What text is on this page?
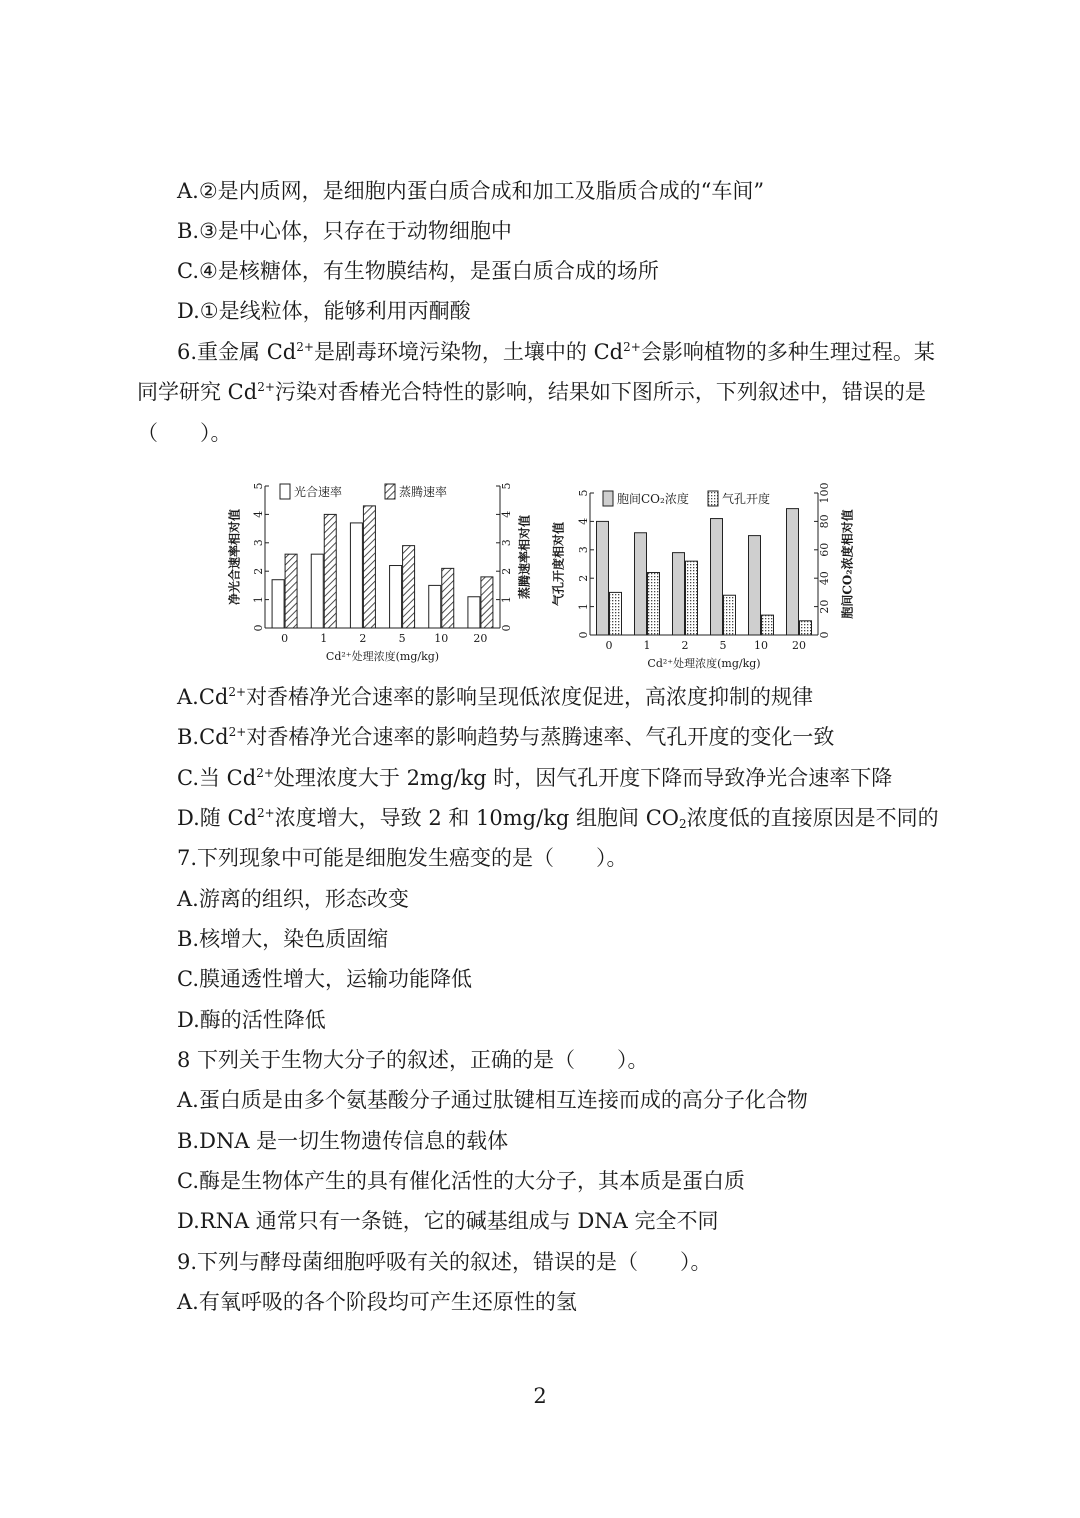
A.②是内质网，是细胞内蛋白质合成和加工及脂质合成的“车间”
B.③是中心体，只存在于动物细胞中
C.④是核糖体，有生物膜结构，是蛋白质合成的场所
D.①是线粒体，能够利用丙酮酸
6.重金属 $Cd^{2+}$是剧毒环境污染物，土壤中的 $Cd^{2+}$会影响植物的多种生理过程。某
同学研究 $Cd^{2+}$污染对香椿光合特性的影响，结果如下图所示，下列叙述中，错误的是
（　　）。
0
1
2
3
4
5
0
1
2
3
4
5
净光合速率相对值	蒸腾速率相对值
0	1	2	5	10 20
Cd²⁺处理浓度(mg/kg)
光合速率	蒸腾速率
0
1
2
3
4
5
0
20
40
60
80
100
气孔开度相对值	胞间CO₂浓度相对值
0	1	2	5	10 20
Cd²⁺处理浓度(mg/kg)
胞间CO₂浓度	气孔开度
$A.Cd^{2+}$对香椿净光合速率的影响呈现低浓度促进，高浓度抑制的规律
$B.Cd^{2+}$对香椿净光合速率的影响趋势与蒸腾速率、气孔开度的变化一致
C.当 $Cd^{2+}$处理浓度大于 2mg/kg 时，因气孔开度下降而导致净光合速率下降
D.随 $Cd^{2+}$浓度增大，导致 2 和 10mg/kg 组胞间 $CO_2$浓度低的直接原因是不同的
7.下列现象中可能是细胞发生癌变的是（　　）。
A.游离的组织，形态改变
B.核增大，染色质固缩
C.膜通透性增大，运输功能降低
D.酶的活性降低
8 下列关于生物大分子的叙述，正确的是（　　）。
A.蛋白质是由多个氨基酸分子通过肽键相互连接而成的高分子化合物
B.DNA 是一切生物遗传信息的载体
C.酶是生物体产生的具有催化活性的大分子，其本质是蛋白质
D.RNA 通常只有一条链，它的碱基组成与 DNA 完全不同
9.下列与酵母菌细胞呼吸有关的叙述，错误的是（　　）。
A.有氧呼吸的各个阶段均可产生还原性的氢
2
